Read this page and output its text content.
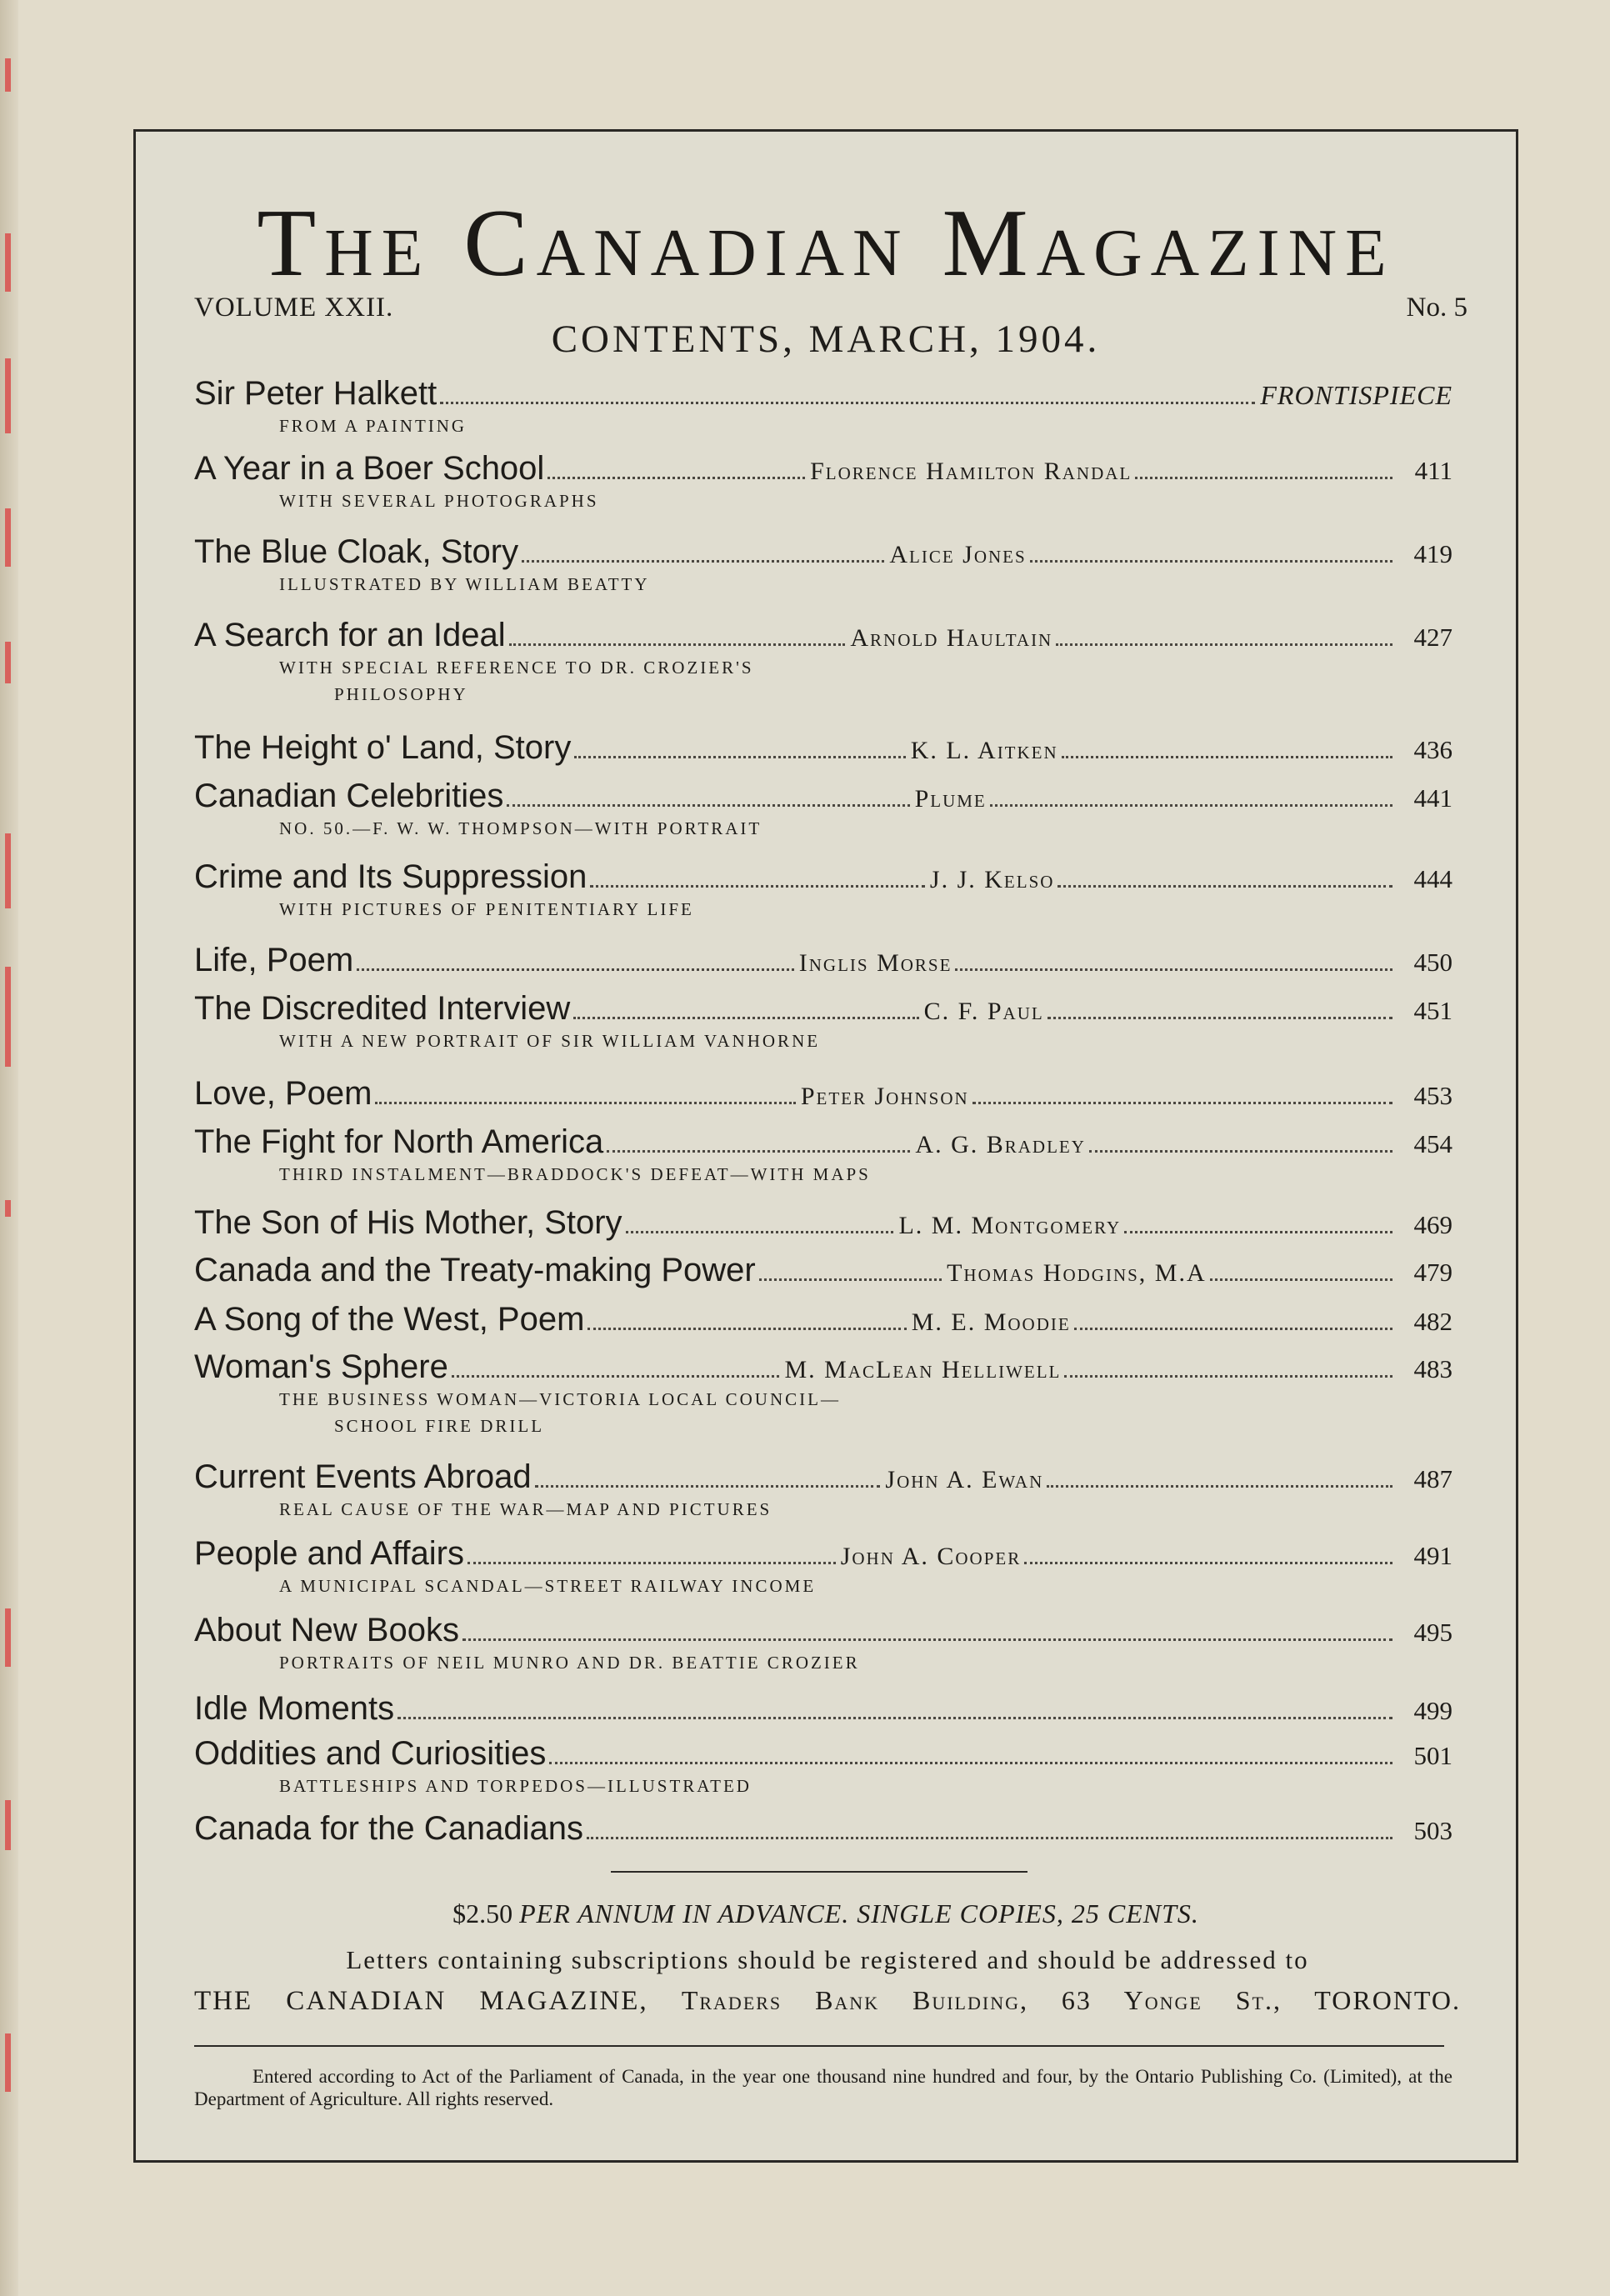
The Canadian Magazine
VOLUME XXII.	No. 5
CONTENTS, MARCH, 1904.
Sir Peter Halkett	FRONTISPIECE
FROM A PAINTING
A Year in a Boer School	Florence Hamilton Randal	411
WITH SEVERAL PHOTOGRAPHS
The Blue Cloak, Story	Alice Jones	419
ILLUSTRATED BY WILLIAM BEATTY
A Search for an Ideal	Arnold Haultain	427
WITH SPECIAL REFERENCE TO DR. CROZIER'S
PHILOSOPHY
The Height o' Land, Story	K. L. Aitken	436
Canadian Celebrities	Plume	441
NO. 50.—F. W. W. THOMPSON—WITH PORTRAIT
Crime and Its Suppression	J. J. Kelso	444
WITH PICTURES OF PENITENTIARY LIFE
Life, Poem	Inglis Morse	450
The Discredited Interview	C. F. Paul	451
WITH A NEW PORTRAIT OF SIR WILLIAM VANHORNE
Love, Poem	Peter Johnson	453
The Fight for North America	A. G. Bradley	454
THIRD INSTALMENT—BRADDOCK'S DEFEAT—WITH MAPS
The Son of His Mother, Story	L. M. Montgomery	469
Canada and the Treaty-making Power	Thomas Hodgins, M.A	479
A Song of the West, Poem	M. E. Moodie	482
Woman's Sphere	M. MacLean Helliwell	483
THE BUSINESS WOMAN—VICTORIA LOCAL COUNCIL—
SCHOOL FIRE DRILL
Current Events Abroad	John A. Ewan	487
REAL CAUSE OF THE WAR—MAP AND PICTURES
People and Affairs	John A. Cooper	491
A MUNICIPAL SCANDAL—STREET RAILWAY INCOME
About New Books	495
PORTRAITS OF NEIL MUNRO AND DR. BEATTIE CROZIER
Idle Moments	499
Oddities and Curiosities	501
BATTLESHIPS AND TORPEDOS—ILLUSTRATED
Canada for the Canadians	503
$2.50 PER ANNUM IN ADVANCE. SINGLE COPIES, 25 CENTS.
Letters containing subscriptions should be registered and should be addressed to
THE CANADIAN MAGAZINE, Traders Bank Building, 63 Yonge St., TORONTO.
Entered according to Act of the Parliament of Canada, in the year one thousand nine hundred and four, by the Ontario Publishing Co. (Limited), at the Department of Agriculture. All rights reserved.
